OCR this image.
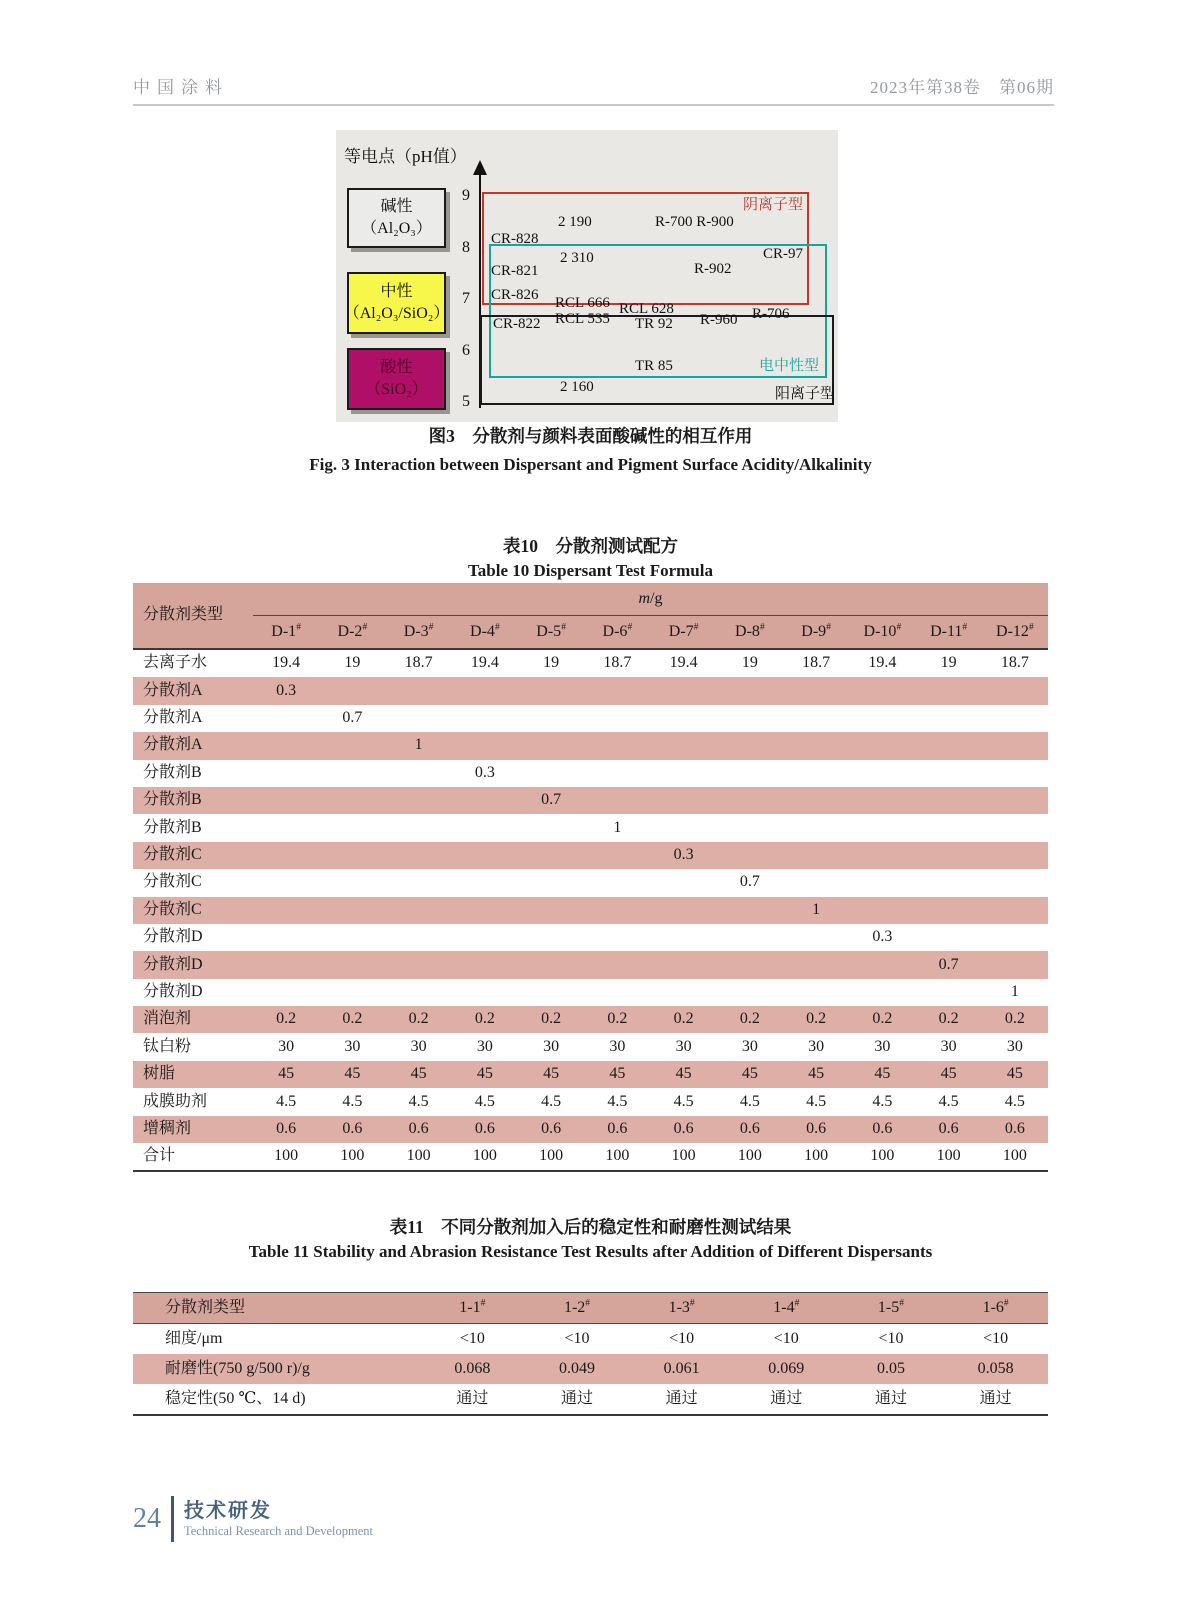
中国涂料	2023年第38卷　第06期
等电点（pH值）
碱性
（Al₂O₃）
中性
（Al₂O₃/SiO₂）
酸性
（SiO₂）
9
8
7
6
5
CR-828
2 190	R-700 R-900
2 310	CR-97
CR-821	R-902
CR-826
RCL 666 RCL 628	R-706
CR-822 RCL 535 TR 92 R-960
TR 85
2 160
阴离子型
电中性型
阳离子型
图3　分散剂与颜料表面酸碱性的相互作用
Fig. 3 Interaction between Dispersant and Pigment Surface Acidity/Alkalinity
表10　分散剂测试配方
Table 10 Dispersant Test Formula
分散剂类型	m/g											
	D-1#	D-2#	D-3#	D-4#	D-5#	D-6#	D-7#	D-8#	D-9#	D-10#	D-11#	D-12#
去离子水	19.4	19	18.7	19.4	19	18.7	19.4	19	18.7	19.4	19	18.7
分散剂A	0.3											
分散剂A		0.7										
分散剂A			1									
分散剂B				0.3								
分散剂B					0.7							
分散剂B						1						
分散剂C							0.3					
分散剂C								0.7				
分散剂C									1			
分散剂D										0.3		
分散剂D											0.7	
分散剂D												1
消泡剂	0.2	0.2	0.2	0.2	0.2	0.2	0.2	0.2	0.2	0.2	0.2	0.2
钛白粉	30	30	30	30	30	30	30	30	30	30	30	30
树脂	45	45	45	45	45	45	45	45	45	45	45	45
成膜助剂	4.5	4.5	4.5	4.5	4.5	4.5	4.5	4.5	4.5	4.5	4.5	4.5
增稠剂	0.6	0.6	0.6	0.6	0.6	0.6	0.6	0.6	0.6	0.6	0.6	0.6
合计	100	100	100	100	100	100	100	100	100	100	100	100
表11　不同分散剂加入后的稳定性和耐磨性测试结果
Table 11 Stability and Abrasion Resistance Test Results after Addition of Different Dispersants
分散剂类型	1-1#	1-2#	1-3#	1-4#	1-5#	1-6#
细度/μm	<10	<10	<10	<10	<10	<10
耐磨性(750 g/500 r)/g	0.068	0.049	0.061	0.069	0.05	0.058
稳定性(50 ℃、14 d)	通过	通过	通过	通过	通过	通过
24 技术研发
Technical Research and Development
